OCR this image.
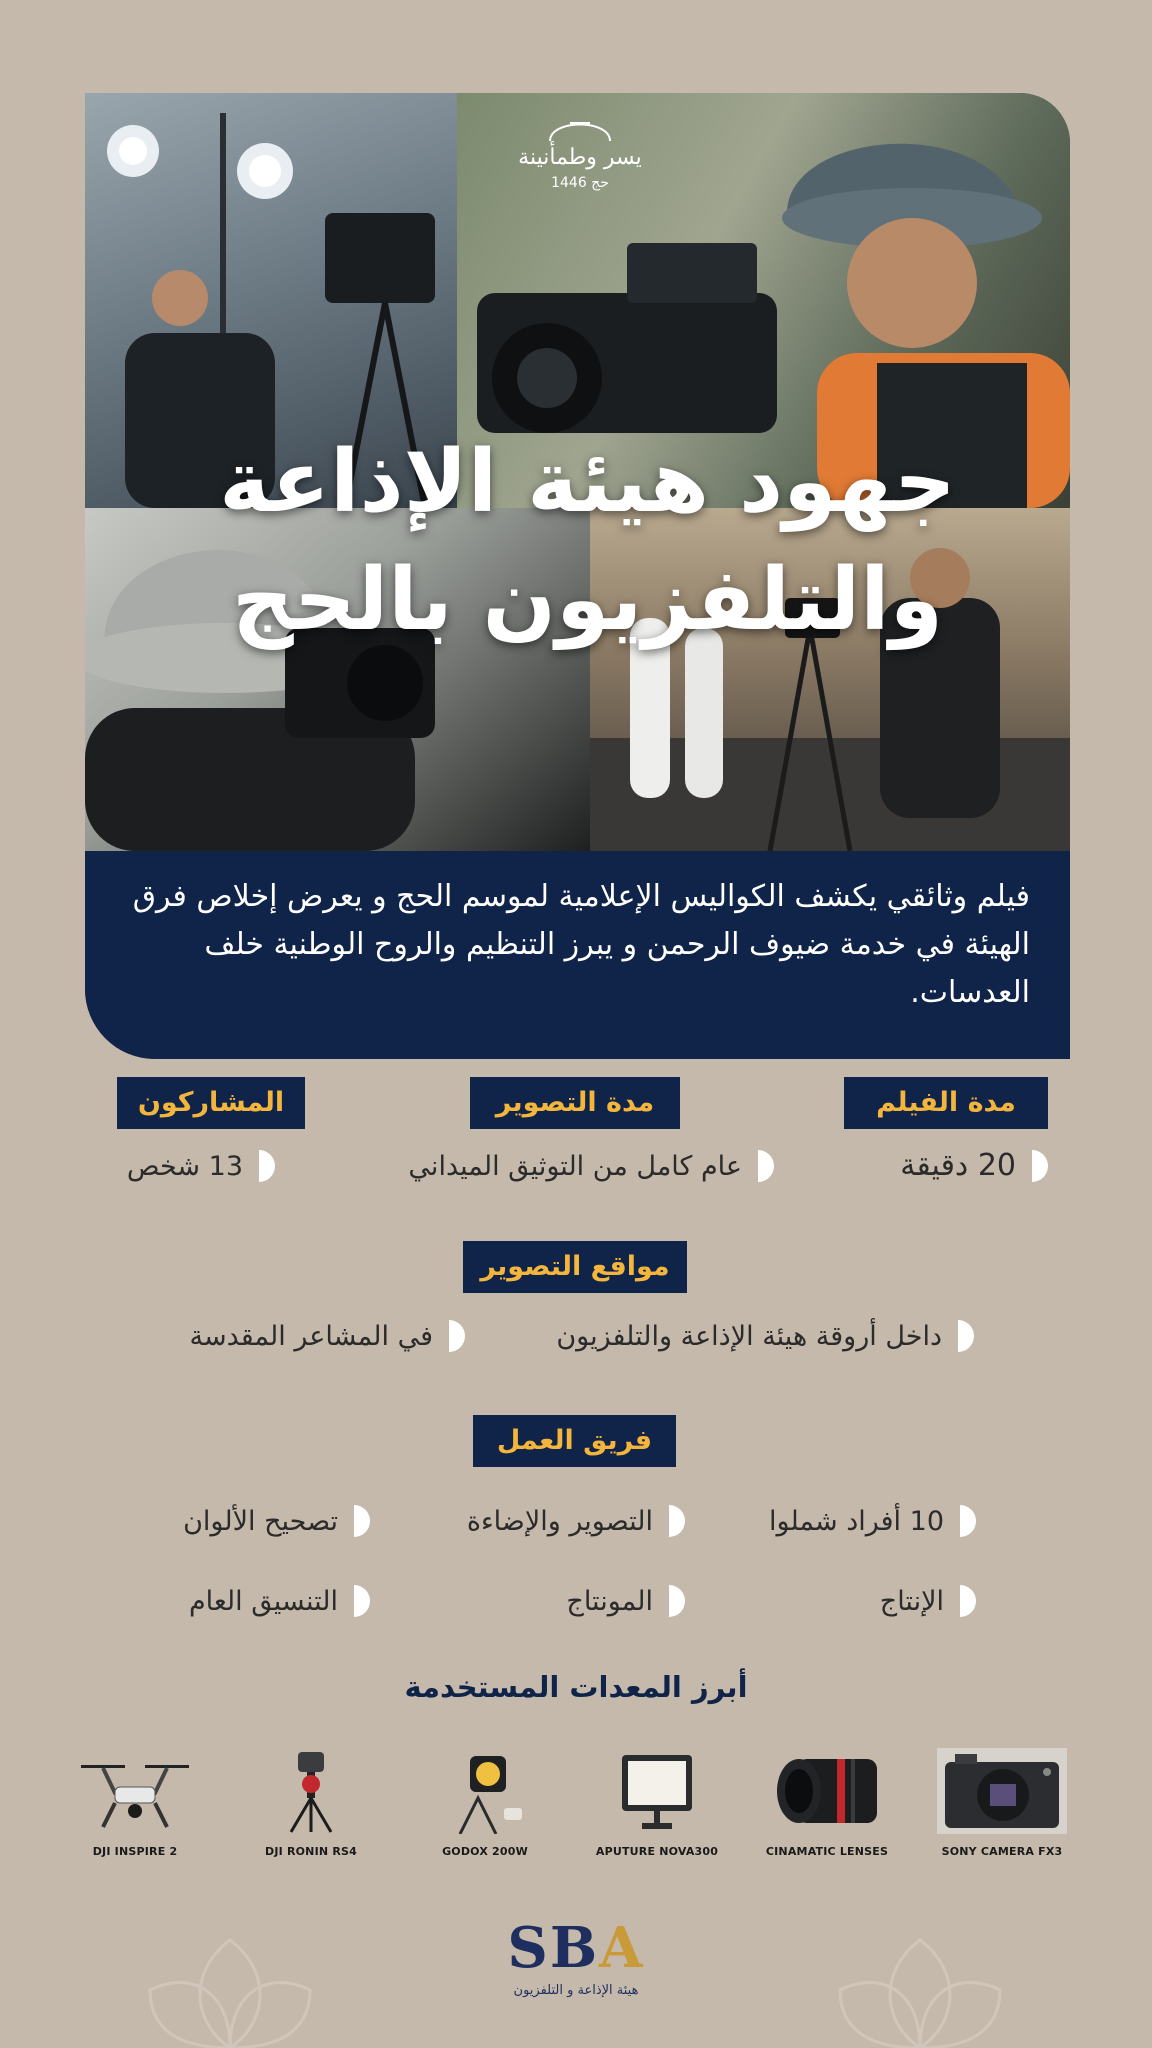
يسر وطمأنينة
حج 1446
جهود هيئة الإذاعة
والتلفزيون بالحج

فيلم وثائقي يكشف الكواليس الإعلامية لموسم الحج و يعرض إخلاص فرق الهيئة في خدمة ضيوف الرحمن و يبرز التنظيم والروح الوطنية خلف العدسات.

مدة الفيلم
مدة التصوير
المشاركون
20 دقيقة
عام كامل من التوثيق الميداني
13 شخص
مواقع التصوير
داخل أروقة هيئة الإذاعة والتلفزيون
في المشاعر المقدسة
فريق العمل
10 أفراد شملوا
التصوير والإضاءة
تصحيح الألوان
الإنتاج
المونتاج
التنسيق العام
أبرز المعدات المستخدمة
SONY CAMERA FX3
CINAMATIC LENSES
APUTURE NOVA300
GODOX 200W
DJI RONIN RS4
DJI INSPIRE 2
SBA
هيئة الإذاعة و التلفزيون
